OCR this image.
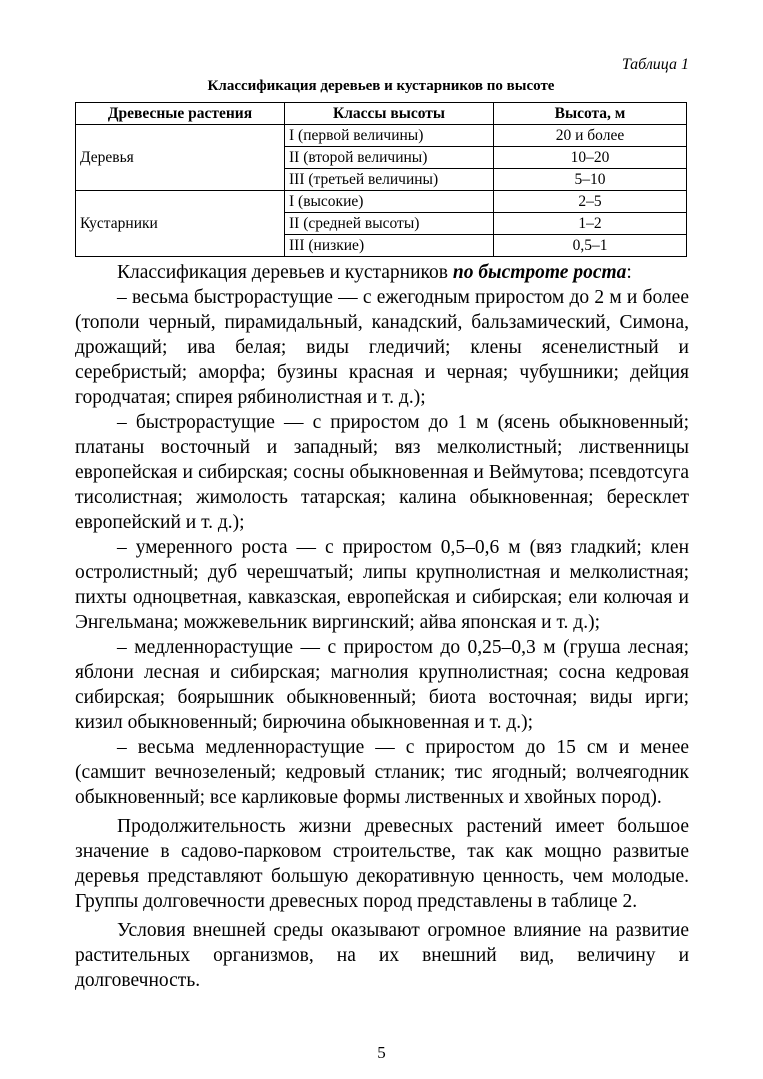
Таблица 1
Классификация деревьев и кустарников по высоте
Древесные растения	Классы высоты	Высота, м
Деревья	I (первой величины)	20 и более
	II (второй величины)	10–20
	III (третьей величины)	5–10
Кустарники	I (высокие)	2–5
	II (средней высоты)	1–2
	III (низкие)	0,5–1

Классификация деревьев и кустарников по быстроте роста:

– весьма быстрорастущие — с ежегодным приростом до 2 м и более (тополи черный, пирамидальный, канадский, бальзамический, Симона, дрожащий; ива белая; виды гледичий; клены ясенелистный и серебристый; аморфа; бузины красная и черная; чубушники; дейция городчатая; спирея рябинолистная и т. д.);

– быстрорастущие — с приростом до 1 м (ясень обыкновенный; платаны восточный и западный; вяз мелколистный; лиственницы европейская и сибирская; сосны обыкновенная и Веймутова; псевдотсуга тисолистная; жимолость татарская; калина обыкновенная; бересклет европейский и т. д.);

– умеренного роста — с приростом 0,5–0,6 м (вяз гладкий; клен остролистный; дуб черешчатый; липы крупнолистная и мелколистная; пихты одноцветная, кавказская, европейская и сибирская; ели колючая и Энгельмана; можжевельник виргинский; айва японская и т. д.);

– медленнорастущие — с приростом до 0,25–0,3 м (груша лесная; яблони лесная и сибирская; магнолия крупнолистная; сосна кедровая сибирская; боярышник обыкновенный; биота восточная; виды ирги; кизил обыкновенный; бирючина обыкновенная и т. д.);

– весьма медленнорастущие — с приростом до 15 см и менее (самшит вечнозеленый; кедровый стланик; тис ягодный; волчеягодник обыкновенный; все карликовые формы лиственных и хвойных пород).

Продолжительность жизни древесных растений имеет большое значение в садово-парковом строительстве, так как мощно развитые деревья представляют большую декоративную ценность, чем молодые. Группы долговечности древесных пород представлены в таблице 2.

Условия внешней среды оказывают огромное влияние на развитие растительных организмов, на их внешний вид, величину и долговечность.

5
